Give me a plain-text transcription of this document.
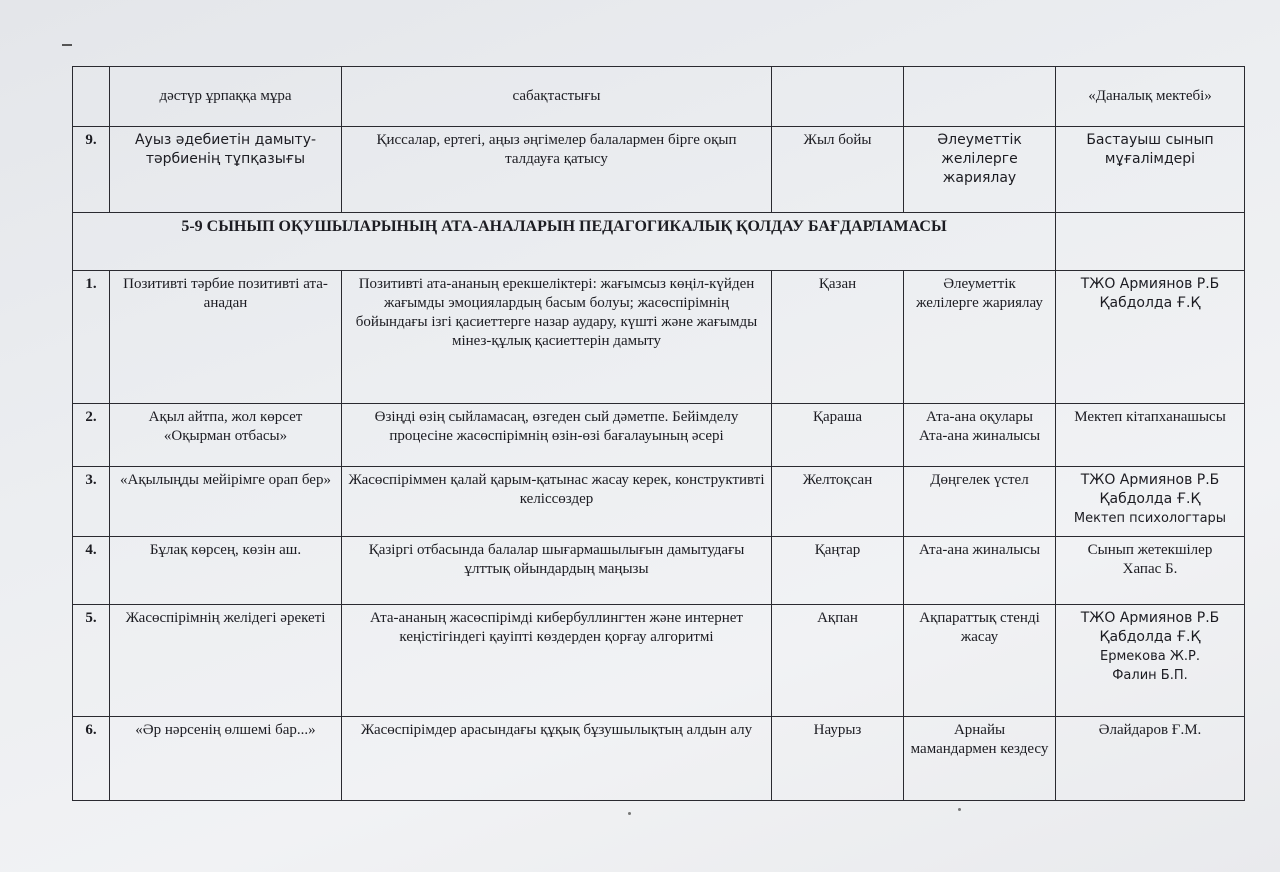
	дәстүр ұрпаққа мұра	сабақтастығы			«Даналық мектебі»
9.	Ауыз әдебиетін дамыту-тәрбиенің тұпқазығы	Қиссалар, ертегі, аңыз әңгімелер балалармен бірге оқып талдауға қатысу	Жыл бойы	Әлеуметтік желілерге жариялау	Бастауыш сынып мұғалімдері
5-9 СЫНЫП ОҚУШЫЛАРЫНЫҢ АТА-АНАЛАРЫН ПЕДАГОГИКАЛЫҚ ҚОЛДАУ БАҒДАРЛАМАСЫ					
1.	Позитивті тәрбие позитивті ата-анадан	Позитивті ата-ананың ерекшеліктері: жағымсыз көңіл-күйден жағымды эмоциялардың басым болуы; жасөспірімнің бойындағы ізгі қасиеттерге назар аудару, күшті және жағымды мінез-құлық қасиеттерін дамыту	Қазан	Әлеуметтік желілерге жариялау	ТЖО Армиянов Р.Б
Қабдолда Ғ.Қ

2.	Ақыл айтпа, жол көрсет «Оқырман отбасы»	Өзіңді өзің сыйламасаң, өзгеден сый дәметпе. Бейімделу процесіне жасөспірімнің өзін-өзі бағалауының әсері	Қараша	Ата-ана оқулары Ата-ана жиналысы	Мектеп кітапханашысы

3.	«Ақылыңды мейірімге орап бер»	Жасөспіріммен қалай қарым-қатынас жасау керек, конструктивті келіссөздер	Желтоқсан	Дөңгелек үстел	ТЖО Армиянов Р.Б
Қабдолда Ғ.Қ
Мектеп психологтары

4.	Бұлақ көрсең, көзін аш.	Қазіргі отбасында балалар шығармашылығын дамытудағы ұлттық ойындардың маңызы	Қаңтар	Ата-ана жиналысы	Сынып жетекшілер
Хапас Б.

5.	Жасөспірімнің желідегі әрекеті	Ата-ананың жасөспірімді кибербуллингтен және интернет кеңістігіндегі қауіпті көздерден қорғау алгоритмі	Ақпан	Ақпараттық стенді жасау	ТЖО Армиянов Р.Б
Қабдолда Ғ.Қ
Ермекова Ж.Р.
Фалин Б.П.

6.	«Әр нәрсенің өлшемі бар...»	Жасөспірімдер арасындағы құқық бұзушылықтың алдын алу	Наурыз	Арнайы мамандармен кездесу	Әлайдаров Ғ.М.
